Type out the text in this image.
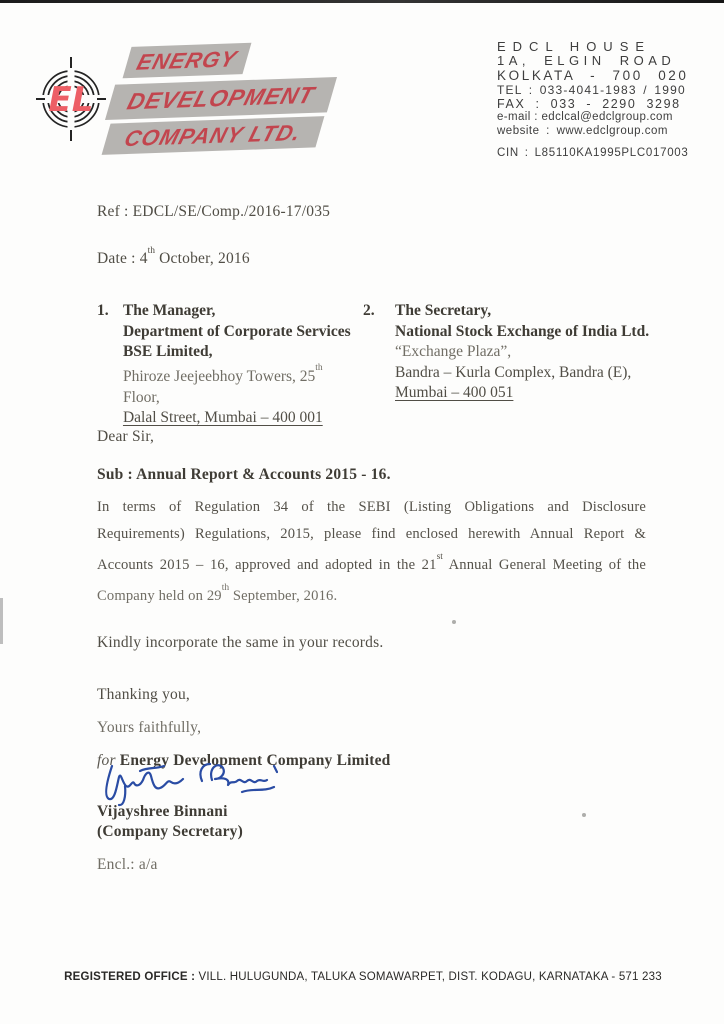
EL
ENERGY
DEVELOPMENT
COMPANY LTD.
EDCL HOUSE
1A, ELGIN ROAD
KOLKATA - 700 020
TEL : 033-4041-1983 / 1990
FAX : 033 - 2290 3298
e-mail : edclcal@edclgroup.com
website : www.edclgroup.com
CIN : L85110KA1995PLC017003
Ref : EDCL/SE/Comp./2016-17/035
Date : 4th October, 2016
1. The Manager,
Department of Corporate Services
BSE Limited,
Phiroze Jeejeebhoy Towers, 25th Floor,
Dalal Street, Mumbai – 400 001
2.	The Secretary,
National Stock Exchange of India Ltd.
“Exchange Plaza”,
Bandra – Kurla Complex, Bandra (E),
Mumbai – 400 051
Dear Sir,
Sub : Annual Report & Accounts 2015 - 16.
In terms of Regulation 34 of the SEBI (Listing Obligations and Disclosure
Requirements) Regulations, 2015, please find enclosed herewith Annual Report &
Accounts 2015 – 16, approved and adopted in the 21st Annual General Meeting of the
Company held on 29th September, 2016.
Kindly incorporate the same in your records.
Thanking you,
Yours faithfully,
for Energy Development Company Limited
Vijayshree Binnani
(Company Secretary)
Encl.: a/a
REGISTERED OFFICE : VILL. HULUGUNDA, TALUKA SOMAWARPET, DIST. KODAGU, KARNATAKA - 571 233
